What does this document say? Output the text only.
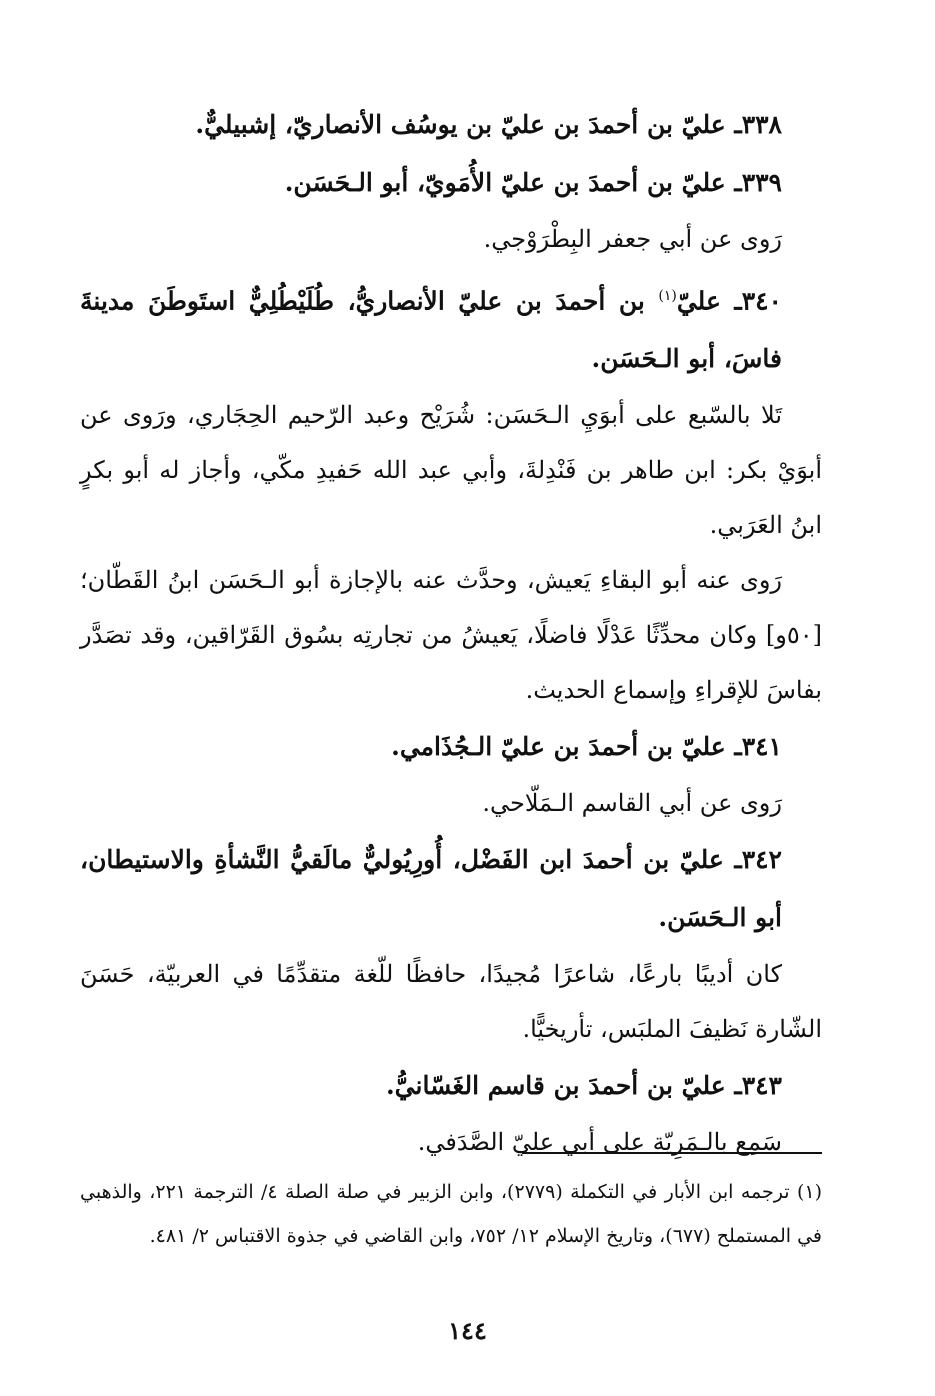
٣٣٨ـ عليّ بن أحمدَ بن عليّ بن يوسُف الأنصاريّ، إشبيليٌّ.

٣٣٩ـ عليّ بن أحمدَ بن عليّ الأُمَويّ، أبو الـحَسَن.

رَوى عن أبي جعفر البِطْرَوْجي.

٣٤٠ـ عليّ$^{(١)}$ بن أحمدَ بن عليّ الأنصاريُّ، طُلَيْطُلِيٌّ استَوطَنَ مدينةَ فاسَ، أبو الـحَسَن.

تَلا بالسّبع على أبوَيِ الـحَسَن: شُرَيْح وعبد الرّحيم الحِجَاري، ورَوى عن أبوَيْ بكر: ابن طاهر بن فَنْدِلةَ، وأبي عبد الله حَفيدِ مكّي، وأجاز له أبو بكرٍ ابنُ العَرَبي.

رَوى عنه أبو البقاءِ يَعيش، وحدَّث عنه بالإجازة أبو الـحَسَن ابنُ القَطّان؛ [٥٠و] وكان محدِّثًا عَدْلًا فاضلًا، يَعيشُ من تجارتِه بسُوق القَرّاقين، وقد تصَدَّر بفاسَ للإقراءِ وإسماع الحديث.

٣٤١ـ عليّ بن أحمدَ بن عليّ الـجُذَامي.

رَوى عن أبي القاسم الـمَلّاحي.

٣٤٢ـ عليّ بن أحمدَ ابن الفَضْل، أُورِيُوليٌّ مالَقيُّ النَّشأةِ والاستيطان، أبو الـحَسَن.

كان أديبًا بارعًا، شاعرًا مُجيدًا، حافظًا للّغة متقدِّمًا في العربيّة، حَسَنَ الشّارة نَظيفَ الملبَس، تأريخيًّا.

٣٤٣ـ عليّ بن أحمدَ بن قاسم الغَسّانيُّ.

سَمِع بالـمَرِيّة على أبي عليّ الصَّدَفي.

(١) ترجمه ابن الأبار في التكملة (٢٧٧٩)، وابن الزبير في صلة الصلة ٤/ الترجمة ٢٢١، والذهبي في المستملح (٦٧٧)، وتاريخ الإسلام ١٢/ ٧٥٢، وابن القاضي في جذوة الاقتباس ٢/ ٤٨١.

١٤٤
